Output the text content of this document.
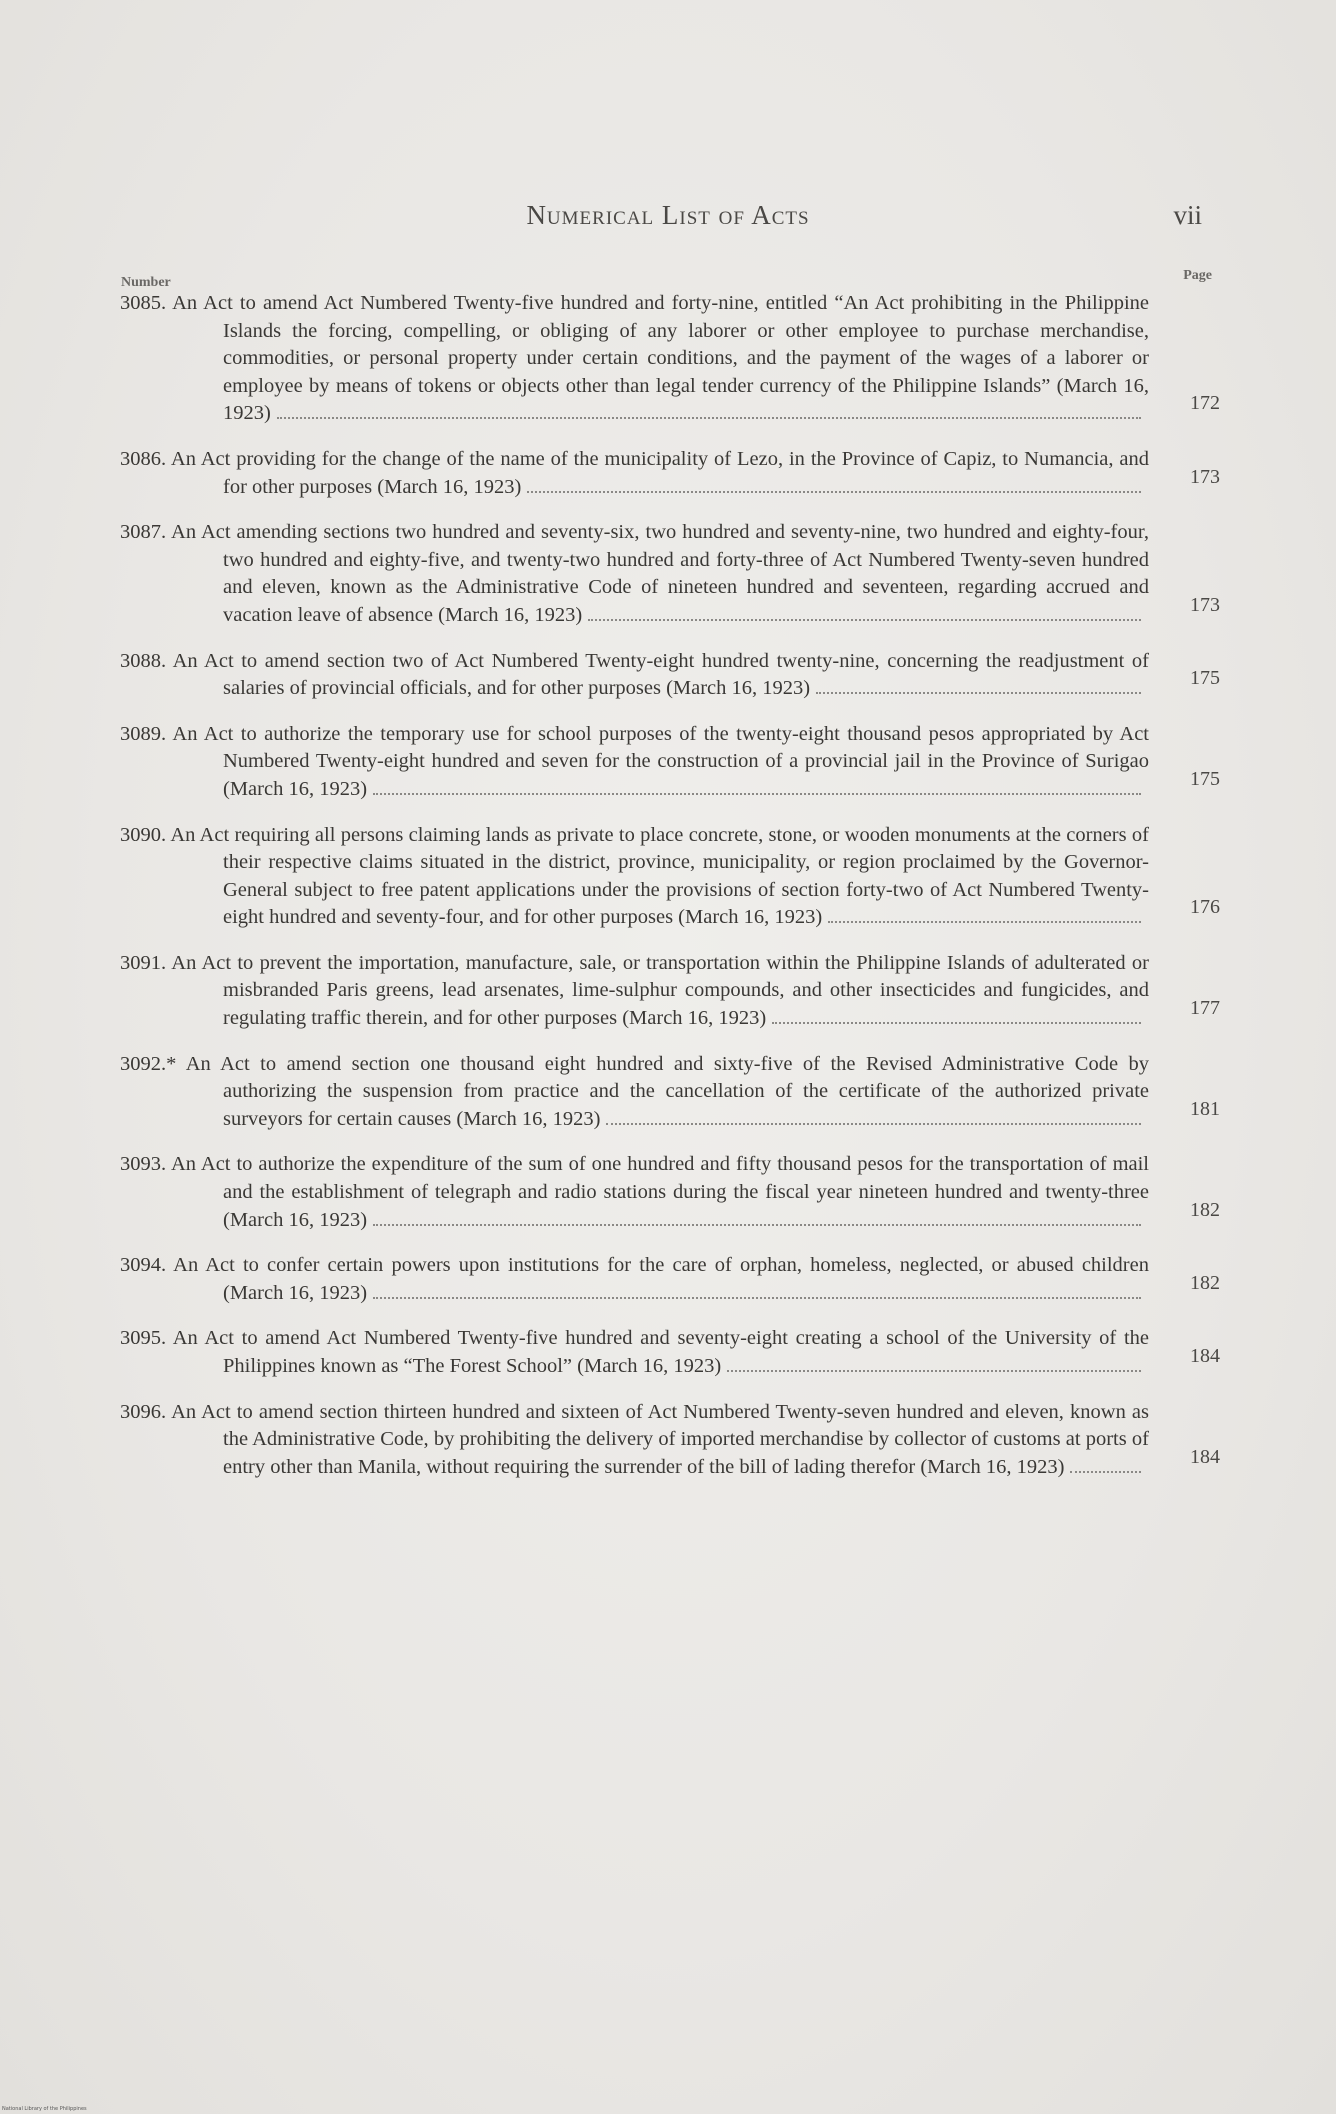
Numerical List of Acts	vii
Number	Page
3085. An Act to amend Act Numbered Twenty-five hundred and forty-nine, entitled “An Act prohibiting in the Philippine Islands the forcing, compelling, or obliging of any laborer or other employee to purchase merchandise, commodities, or personal property under certain conditions, and the payment of the wages of a laborer or employee by means of tokens or objects other than legal tender currency of the Philippine Islands” (March 16, 1923)	172
3086. An Act providing for the change of the name of the municipality of Lezo, in the Province of Capiz, to Numancia, and for other purposes (March 16, 1923)	173
3087. An Act amending sections two hundred and seventy-six, two hundred and seventy-nine, two hundred and eighty-four, two hundred and eighty-five, and twenty-two hundred and forty-three of Act Numbered Twenty-seven hundred and eleven, known as the Administrative Code of nineteen hundred and seventeen, regarding accrued and vacation leave of absence (March 16, 1923)	173
3088. An Act to amend section two of Act Numbered Twenty-eight hundred twenty-nine, concerning the readjustment of salaries of provincial officials, and for other purposes (March 16, 1923)	175
3089. An Act to authorize the temporary use for school purposes of the twenty-eight thousand pesos appropriated by Act Numbered Twenty-eight hundred and seven for the construction of a provincial jail in the Province of Surigao (March 16, 1923)	175
3090. An Act requiring all persons claiming lands as private to place concrete, stone, or wooden monuments at the corners of their respective claims situated in the district, province, municipality, or region proclaimed by the Governor-General subject to free patent applications under the provisions of section forty-two of Act Numbered Twenty-eight hundred and seventy-four, and for other purposes (March 16, 1923)	176
3091. An Act to prevent the importation, manufacture, sale, or transportation within the Philippine Islands of adulterated or misbranded Paris greens, lead arsenates, lime-sulphur compounds, and other insecticides and fungicides, and regulating traffic therein, and for other purposes (March 16, 1923)	177
3092.* An Act to amend section one thousand eight hundred and sixty-five of the Revised Administrative Code by authorizing the suspension from practice and the cancellation of the certificate of the authorized private surveyors for certain causes (March 16, 1923)	181
3093. An Act to authorize the expenditure of the sum of one hundred and fifty thousand pesos for the transportation of mail and the establishment of telegraph and radio stations during the fiscal year nineteen hundred and twenty-three (March 16, 1923)	182
3094. An Act to confer certain powers upon institutions for the care of orphan, homeless, neglected, or abused children (March 16, 1923)	182
3095. An Act to amend Act Numbered Twenty-five hundred and seventy-eight creating a school of the University of the Philippines known as “The Forest School” (March 16, 1923)	184
3096. An Act to amend section thirteen hundred and sixteen of Act Numbered Twenty-seven hundred and eleven, known as the Administrative Code, by prohibiting the delivery of imported merchandise by collector of customs at ports of entry other than Manila, without requiring the surrender of the bill of lading therefor (March 16, 1923)	184
National Library of the Philippines
